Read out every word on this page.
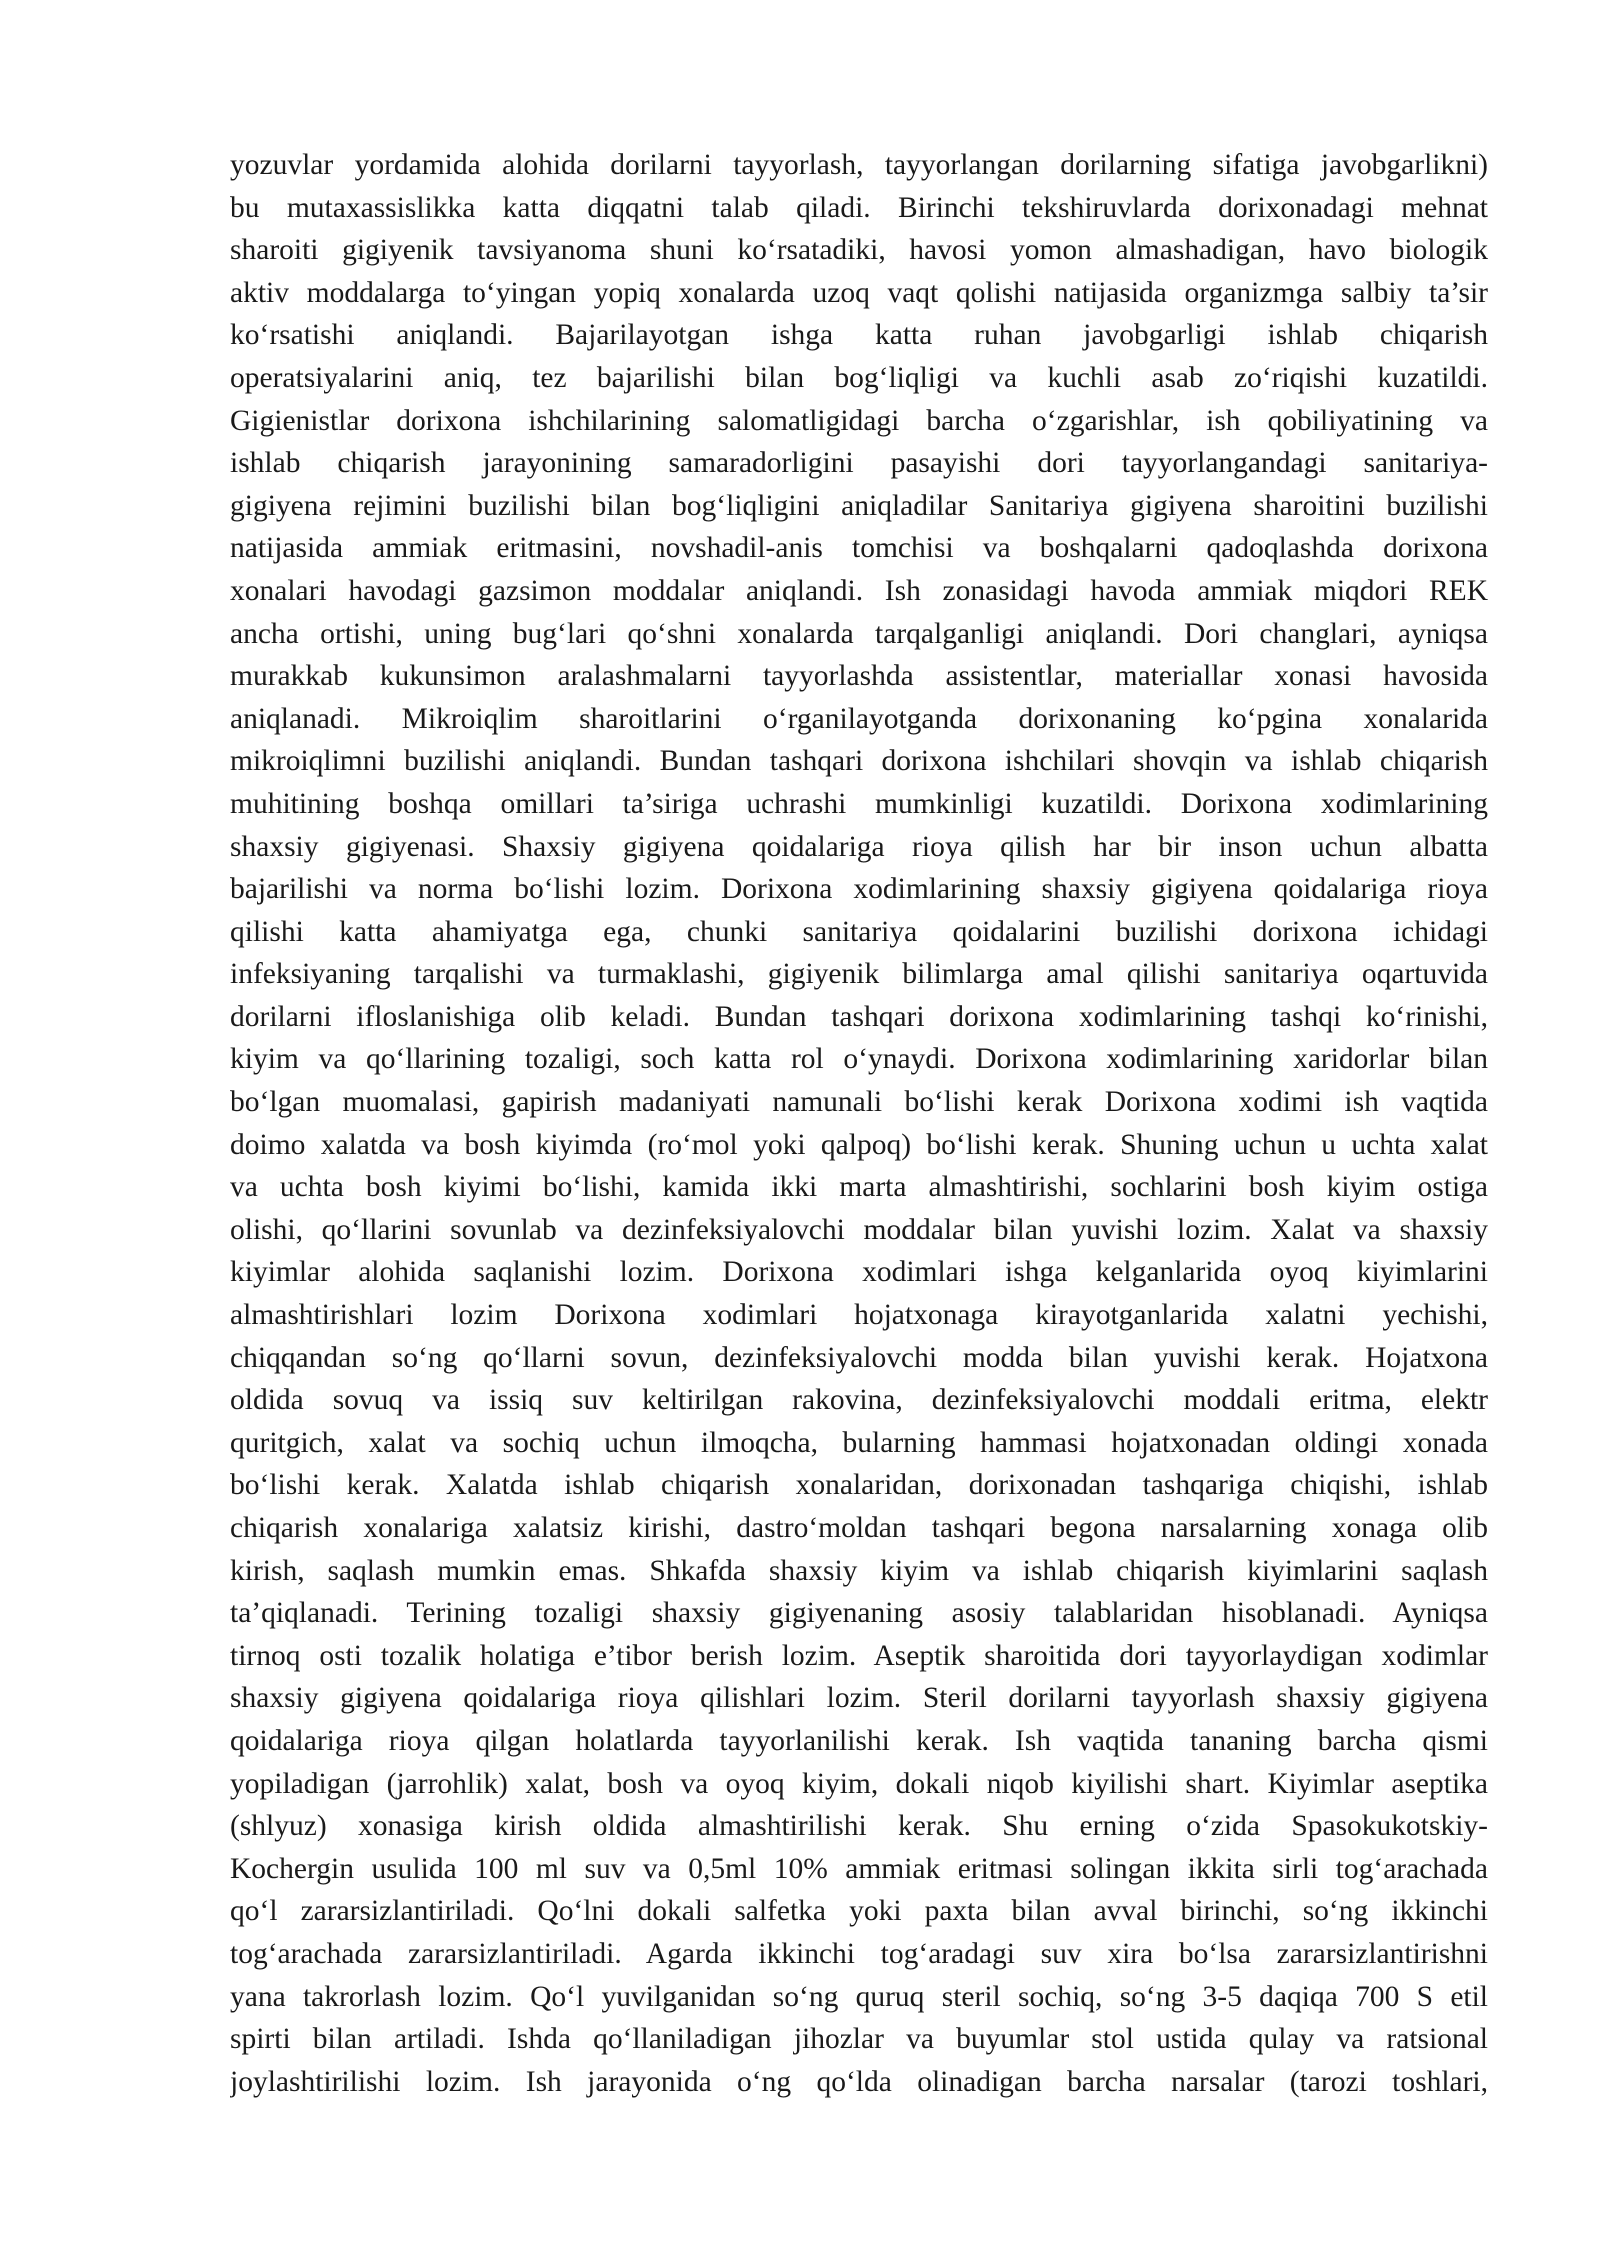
yozuvlar yordamida alohida dorilarni tayyorlash, tayyorlangan dorilarning sifatiga javobgarlikni)
bu mutaxassislikka katta diqqatni talab qiladi. Birinchi tekshiruvlarda dorixonadagi mehnat
sharoiti gigiyenik tavsiyanoma shuni ko‘rsatadiki, havosi yomon almashadigan, havo biologik
aktiv moddalarga to‘yingan yopiq xonalarda uzoq vaqt qolishi natijasida organizmga salbiy ta’sir
ko‘rsatishi aniqlandi. Bajarilayotgan ishga katta ruhan javobgarligi ishlab chiqarish
operatsiyalarini aniq, tez bajarilishi bilan bog‘liqligi va kuchli asab zo‘riqishi kuzatildi.
Gigienistlar dorixona ishchilarining salomatligidagi barcha o‘zgarishlar, ish qobiliyatining va
ishlab chiqarish jarayonining samaradorligini pasayishi dori tayyorlangandagi sanitariya-
gigiyena rejimini buzilishi bilan bog‘liqligini aniqladilar Sanitariya gigiyena sharoitini buzilishi
natijasida ammiak eritmasini, novshadil-anis tomchisi va boshqalarni qadoqlashda dorixona
xonalari havodagi gazsimon moddalar aniqlandi. Ish zonasidagi havoda ammiak miqdori REK
ancha ortishi, uning bug‘lari qo‘shni xonalarda tarqalganligi aniqlandi. Dori changlari, ayniqsa
murakkab kukunsimon aralashmalarni tayyorlashda assistentlar, materiallar xonasi havosida
aniqlanadi. Mikroiqlim sharoitlarini o‘rganilayotganda dorixonaning ko‘pgina xonalarida
mikroiqlimni buzilishi aniqlandi. Bundan tashqari dorixona ishchilari shovqin va ishlab chiqarish
muhitining boshqa omillari ta’siriga uchrashi mumkinligi kuzatildi. Dorixona xodimlarining
shaxsiy gigiyenasi. Shaxsiy gigiyena qoidalariga rioya qilish har bir inson uchun albatta
bajarilishi va norma bo‘lishi lozim. Dorixona xodimlarining shaxsiy gigiyena qoidalariga rioya
qilishi katta ahamiyatga ega, chunki sanitariya qoidalarini buzilishi dorixona ichidagi
infeksiyaning tarqalishi va turmaklashi, gigiyenik bilimlarga amal qilishi sanitariya oqartuvida
dorilarni ifloslanishiga olib keladi. Bundan tashqari dorixona xodimlarining tashqi ko‘rinishi,
kiyim va qo‘llarining tozaligi, soch katta rol o‘ynaydi. Dorixona xodimlarining xaridorlar bilan
bo‘lgan muomalasi, gapirish madaniyati namunali bo‘lishi kerak Dorixona xodimi ish vaqtida
doimo xalatda va bosh kiyimda (ro‘mol yoki qalpoq) bo‘lishi kerak. Shuning uchun u uchta xalat
va uchta bosh kiyimi bo‘lishi, kamida ikki marta almashtirishi, sochlarini bosh kiyim ostiga
olishi, qo‘llarini sovunlab va dezinfeksiyalovchi moddalar bilan yuvishi lozim. Xalat va shaxsiy
kiyimlar alohida saqlanishi lozim. Dorixona xodimlari ishga kelganlarida oyoq kiyimlarini
almashtirishlari lozim Dorixona xodimlari hojatxonaga kirayotganlarida xalatni yechishi,
chiqqandan so‘ng qo‘llarni sovun, dezinfeksiyalovchi modda bilan yuvishi kerak. Hojatxona
oldida sovuq va issiq suv keltirilgan rakovina, dezinfeksiyalovchi moddali eritma, elektr
quritgich, xalat va sochiq uchun ilmoqcha, bularning hammasi hojatxonadan oldingi xonada
bo‘lishi kerak. Xalatda ishlab chiqarish xonalaridan, dorixonadan tashqariga chiqishi, ishlab
chiqarish xonalariga xalatsiz kirishi, dastro‘moldan tashqari begona narsalarning xonaga olib
kirish, saqlash mumkin emas. Shkafda shaxsiy kiyim va ishlab chiqarish kiyimlarini saqlash
ta’qiqlanadi. Terining tozaligi shaxsiy gigiyenaning asosiy talablaridan hisoblanadi. Ayniqsa
tirnoq osti tozalik holatiga e’tibor berish lozim. Aseptik sharoitida dori tayyorlaydigan xodimlar
shaxsiy gigiyena qoidalariga rioya qilishlari lozim. Steril dorilarni tayyorlash shaxsiy gigiyena
qoidalariga rioya qilgan holatlarda tayyorlanilishi kerak. Ish vaqtida tananing barcha qismi
yopiladigan (jarrohlik) xalat, bosh va oyoq kiyim, dokali niqob kiyilishi shart. Kiyimlar aseptika
(shlyuz) xonasiga kirish oldida almashtirilishi kerak. Shu erning o‘zida Spasokukotskiy-
Kochergin usulida 100 ml suv va 0,5ml 10% ammiak eritmasi solingan ikkita sirli tog‘arachada
qo‘l zararsizlantiriladi. Qo‘lni dokali salfetka yoki paxta bilan avval birinchi, so‘ng ikkinchi
tog‘arachada zararsizlantiriladi. Agarda ikkinchi tog‘aradagi suv xira bo‘lsa zararsizlantirishni
yana takrorlash lozim. Qo‘l yuvilganidan so‘ng quruq steril sochiq, so‘ng 3-5 daqiqa 700 S etil
spirti bilan artiladi. Ishda qo‘llaniladigan jihozlar va buyumlar stol ustida qulay va ratsional
joylashtirilishi lozim. Ish jarayonida o‘ng qo‘lda olinadigan barcha narsalar (tarozi toshlari,
